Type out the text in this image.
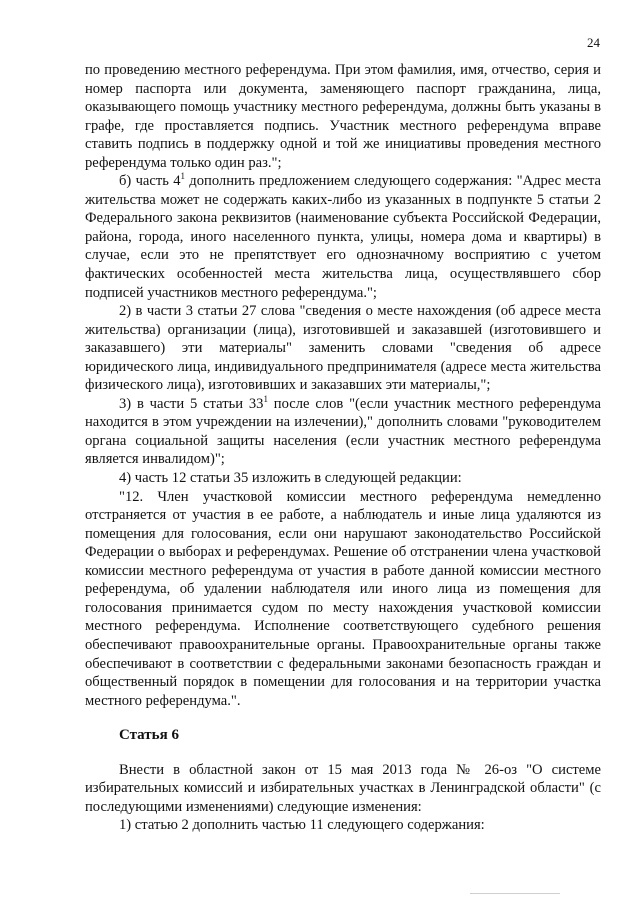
24

по проведению местного референдума. При этом фамилия, имя, отчество, серия и номер паспорта или документа, заменяющего паспорт гражданина, лица, оказывающего помощь участнику местного референдума, должны быть указаны в графе, где проставляется подпись. Участник местного референдума вправе ставить подпись в поддержку одной и той же инициативы проведения местного референдума только один раз.";

б) часть $4^1$ дополнить предложением следующего содержания: "Адрес места жительства может не содержать каких-либо из указанных в подпункте 5 статьи 2 Федерального закона реквизитов (наименование субъекта Российской Федерации, района, города, иного населенного пункта, улицы, номера дома и квартиры) в случае, если это не препятствует его однозначному восприятию с учетом фактических особенностей места жительства лица, осуществлявшего сбор подписей участников местного референдума.";

2) в части 3 статьи 27 слова "сведения о месте нахождения (об адресе места жительства) организации (лица), изготовившей и заказавшей (изготовившего и заказавшего) эти материалы" заменить словами "сведения об адресе юридического лица, индивидуального предпринимателя (адресе места жительства физического лица), изготовивших и заказавших эти материалы,";

3) в части 5 статьи $33^1$ после слов "(если участник местного референдума находится в этом учреждении на излечении)," дополнить словами "руководителем органа социальной защиты населения (если участник местного референдума является инвалидом)";

4) часть 12 статьи 35 изложить в следующей редакции:

"12. Член участковой комиссии местного референдума немедленно отстраняется от участия в ее работе, а наблюдатель и иные лица удаляются из помещения для голосования, если они нарушают законодательство Российской Федерации о выборах и референдумах. Решение об отстранении члена участковой комиссии местного референдума от участия в работе данной комиссии местного референдума, об удалении наблюдателя или иного лица из помещения для голосования принимается судом по месту нахождения участковой комиссии местного референдума. Исполнение соответствующего судебного решения обеспечивают правоохранительные органы. Правоохранительные органы также обеспечивают в соответствии с федеральными законами безопасность граждан и общественный порядок в помещении для голосования и на территории участка местного референдума.".

Статья 6

Внести в областной закон от 15 мая 2013 года № 26-оз "О системе избирательных комиссий и избирательных участках в Ленинградской области" (с последующими изменениями) следующие изменения:

1) статью 2 дополнить частью 11 следующего содержания:
